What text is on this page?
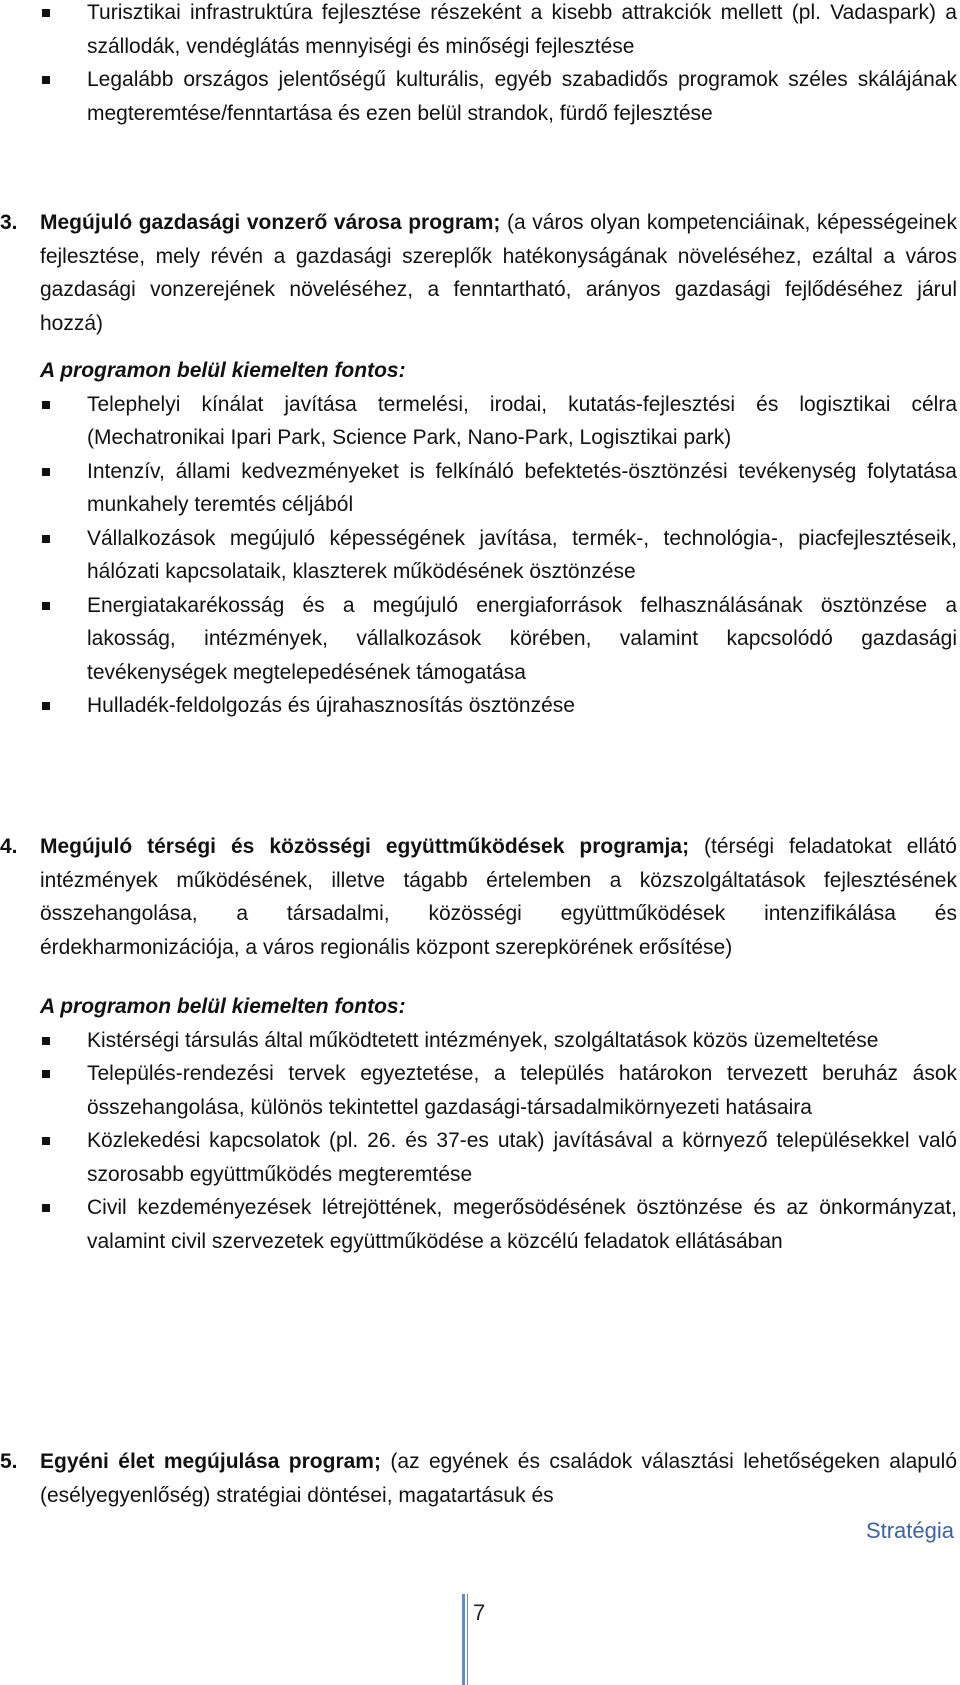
Turisztikai infrastruktúra fejlesztése részeként a kisebb attrakciók mellett (pl. Vadaspark) a szállodák, vendéglátás mennyiségi és minőségi fejlesztése
Legalább országos jelentőségű kulturális, egyéb szabadidős programok széles skálájának megteremtése/fenntartása és ezen belül strandok, fürdő fejlesztése
3. Megújuló gazdasági vonzerő városa program; (a város olyan kompetenciáinak, képességeinek fejlesztése, mely révén a gazdasági szereplők hatékonyságának növeléséhez, ezáltal a város gazdasági vonzerejének növeléséhez, a fenntartható, arányos gazdasági fejlődéséhez járul hozzá)
A programon belül kiemelten fontos:
Telephelyi kínálat javítása termelési, irodai, kutatás-fejlesztési és logisztikai célra (Mechatronikai Ipari Park, Science Park, Nano-Park, Logisztikai park)
Intenzív, állami kedvezményeket is felkínáló befektetés-ösztönzési tevékenység folytatása munkahely teremtés céljából
Vállalkozások megújuló képességének javítása, termék-, technológia-, piacfejlesztéseik, hálózati kapcsolataik, klaszterek működésének ösztönzése
Energiatakarékosság és a megújuló energiaforrások felhasználásának ösztönzése a lakosság, intézmények, vállalkozások körében, valamint kapcsolódó gazdasági tevékenységek megtelepedésének támogatása
Hulladék-feldolgozás és újrahasznosítás ösztönzése
4. Megújuló térségi és közösségi együttműködések programja; (térségi feladatokat ellátó intézmények működésének, illetve tágabb értelemben a közszolgáltatások fejlesztésének összehangolása, a társadalmi, közösségi együttműködések intenzifikálása és érdekharmonizációja, a város regionális központ szerepkörének erősítése)
A programon belül kiemelten fontos:
Kistérségi társulás által működtetett intézmények, szolgáltatások közös üzemeltetése
Település-rendezési tervek egyeztetése, a település határokon tervezett beruház ások összehangolása, különös tekintettel gazdasági-társadalmikörnyezeti hatásaira
Közlekedési kapcsolatok (pl. 26. és 37-es utak) javításával a környező településekkel való szorosabb együttműködés megteremtése
Civil kezdeményezések létrejöttének, megerősödésének ösztönzése és az önkormányzat, valamint civil szervezetek együttműködése a közcélú feladatok ellátásában
5. Egyéni élet megújulása program; (az egyének és családok választási lehetőségeken alapuló (esélyegyenlőség) stratégiai döntései, magatartásuk és
Stratégia
7
